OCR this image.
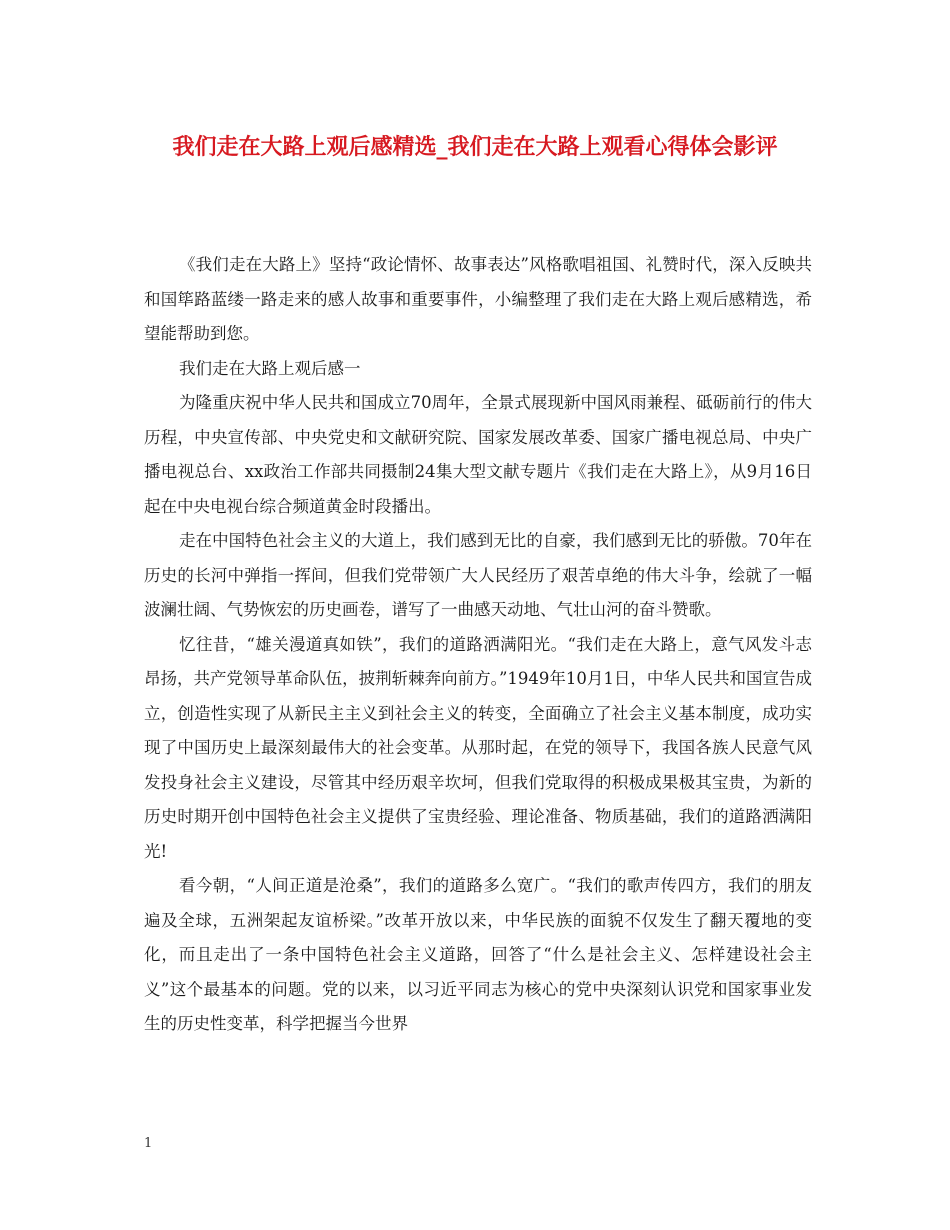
我们走在大路上观后感精选_我们走在大路上观看心得体会影评

《我们走在大路上》坚持“政论情怀、故事表达”风格歌唱祖国、礼赞时代，深入反映共和国筚路蓝缕一路走来的感人故事和重要事件，小编整理了我们走在大路上观后感精选，希望能帮助到您。

我们走在大路上观后感一

为隆重庆祝中华人民共和国成立70周年，全景式展现新中国风雨兼程、砥砺前行的伟大历程，中央宣传部、中央党史和文献研究院、国家发展改革委、国家广播电视总局、中央广播电视总台、xx政治工作部共同摄制24集大型文献专题片《我们走在大路上》，从9月16日起在中央电视台综合频道黄金时段播出。

走在中国特色社会主义的大道上，我们感到无比的自豪，我们感到无比的骄傲。70年在历史的长河中弹指一挥间，但我们党带领广大人民经历了艰苦卓绝的伟大斗争，绘就了一幅波澜壮阔、气势恢宏的历史画卷，谱写了一曲感天动地、气壮山河的奋斗赞歌。

忆往昔，“雄关漫道真如铁”，我们的道路洒满阳光。“我们走在大路上，意气风发斗志昂扬，共产党领导革命队伍，披荆斩棘奔向前方。”1949年10月1日，中华人民共和国宣告成立，创造性实现了从新民主主义到社会主义的转变，全面确立了社会主义基本制度，成功实现了中国历史上最深刻最伟大的社会变革。从那时起，在党的领导下，我国各族人民意气风发投身社会主义建设，尽管其中经历艰辛坎坷，但我们党取得的积极成果极其宝贵，为新的历史时期开创中国特色社会主义提供了宝贵经验、理论准备、物质基础，我们的道路洒满阳光!

看今朝，“人间正道是沧桑”，我们的道路多么宽广。“我们的歌声传四方，我们的朋友遍及全球，五洲架起友谊桥梁。”改革开放以来，中华民族的面貌不仅发生了翻天覆地的变化，而且走出了一条中国特色社会主义道路，回答了“什么是社会主义、怎样建设社会主义”这个最基本的问题。党的以来，以习近平同志为核心的党中央深刻认识党和国家事业发生的历史性变革，科学把握当今世界

1
